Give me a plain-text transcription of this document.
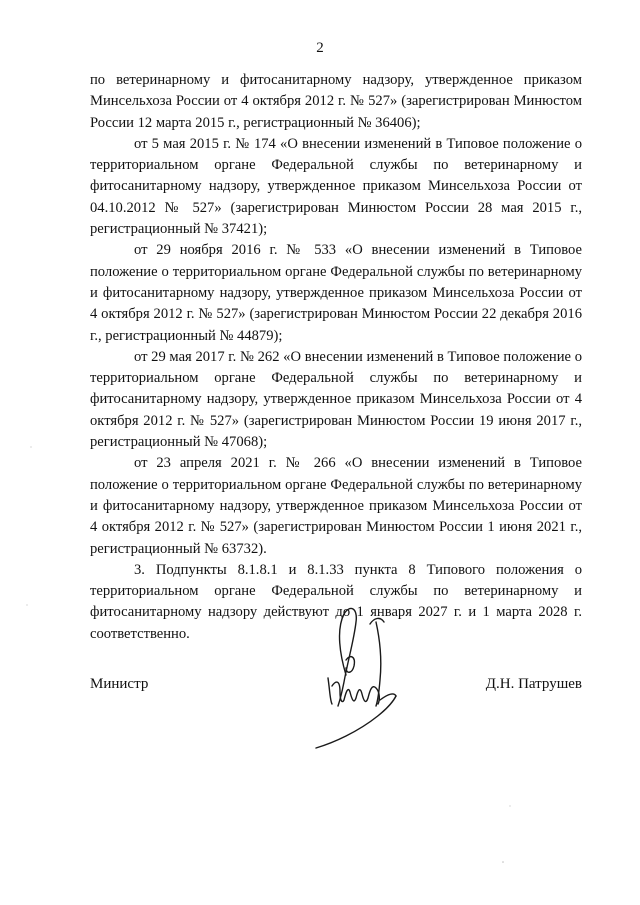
2

по ветеринарному и фитосанитарному надзору, утвержденное приказом Минсельхоза России от 4 октября 2012 г. № 527» (зарегистрирован Минюстом России 12 марта 2015 г., регистрационный № 36406);

от 5 мая 2015 г. № 174 «О внесении изменений в Типовое положение о территориальном органе Федеральной службы по ветеринарному и фитосанитарному надзору, утвержденное приказом Минсельхоза России от 04.10.2012 № 527» (зарегистрирован Минюстом России 28 мая 2015 г., регистрационный № 37421);

от 29 ноября 2016 г. № 533 «О внесении изменений в Типовое положение о территориальном органе Федеральной службы по ветеринарному и фитосанитарному надзору, утвержденное приказом Минсельхоза России от 4 октября 2012 г. № 527» (зарегистрирован Минюстом России 22 декабря 2016 г., регистрационный № 44879);

от 29 мая 2017 г. № 262 «О внесении изменений в Типовое положение о территориальном органе Федеральной службы по ветеринарному и фитосанитарному надзору, утвержденное приказом Минсельхоза России от 4 октября 2012 г. № 527» (зарегистрирован Минюстом России 19 июня 2017 г., регистрационный № 47068);

от 23 апреля 2021 г. № 266 «О внесении изменений в Типовое положение о территориальном органе Федеральной службы по ветеринарному и фитосанитарному надзору, утвержденное приказом Минсельхоза России от 4 октября 2012 г. № 527» (зарегистрирован Минюстом России 1 июня 2021 г., регистрационный № 63732).

3. Подпункты 8.1.8.1 и 8.1.33 пункта 8 Типового положения о территориальном органе Федеральной службы по ветеринарному и фитосанитарному надзору действуют до 1 января 2027 г. и 1 марта 2028 г. соответственно.

Министр	Д.Н. Патрушев
